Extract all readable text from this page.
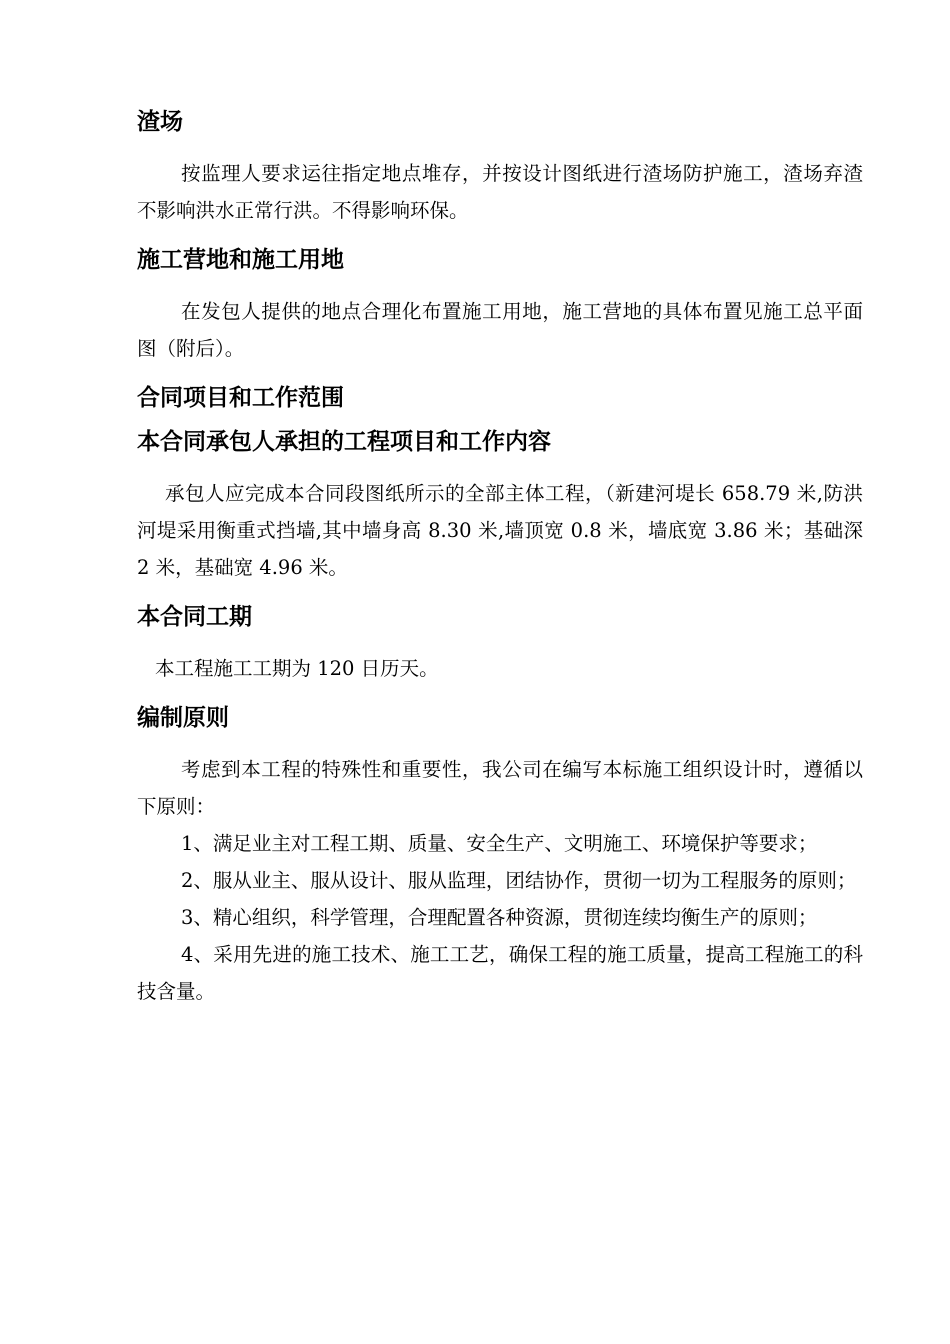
渣场

按监理人要求运往指定地点堆存，并按设计图纸进行渣场防护施工，渣场弃渣不影响洪水正常行洪。不得影响环保。

施工营地和施工用地

在发包人提供的地点合理化布置施工用地，施工营地的具体布置见施工总平面图（附后）。

合同项目和工作范围
本合同承包人承担的工程项目和工作内容

承包人应完成本合同段图纸所示的全部主体工程，（新建河堤长 658.79 米,防洪河堤采用衡重式挡墙,其中墙身高 8.30 米,墙顶宽 0.8 米，墙底宽 3.86 米；基础深 2 米，基础宽 4.96 米。

本合同工期

本工程施工工期为 120 日历天。

编制原则

考虑到本工程的特殊性和重要性，我公司在编写本标施工组织设计时，遵循以下原则：

1、满足业主对工程工期、质量、安全生产、文明施工、环境保护等要求；

2、服从业主、服从设计、服从监理，团结协作，贯彻一切为工程服务的原则；

3、精心组织，科学管理，合理配置各种资源，贯彻连续均衡生产的原则；

4、采用先进的施工技术、施工工艺，确保工程的施工质量，提高工程施工的科技含量。
